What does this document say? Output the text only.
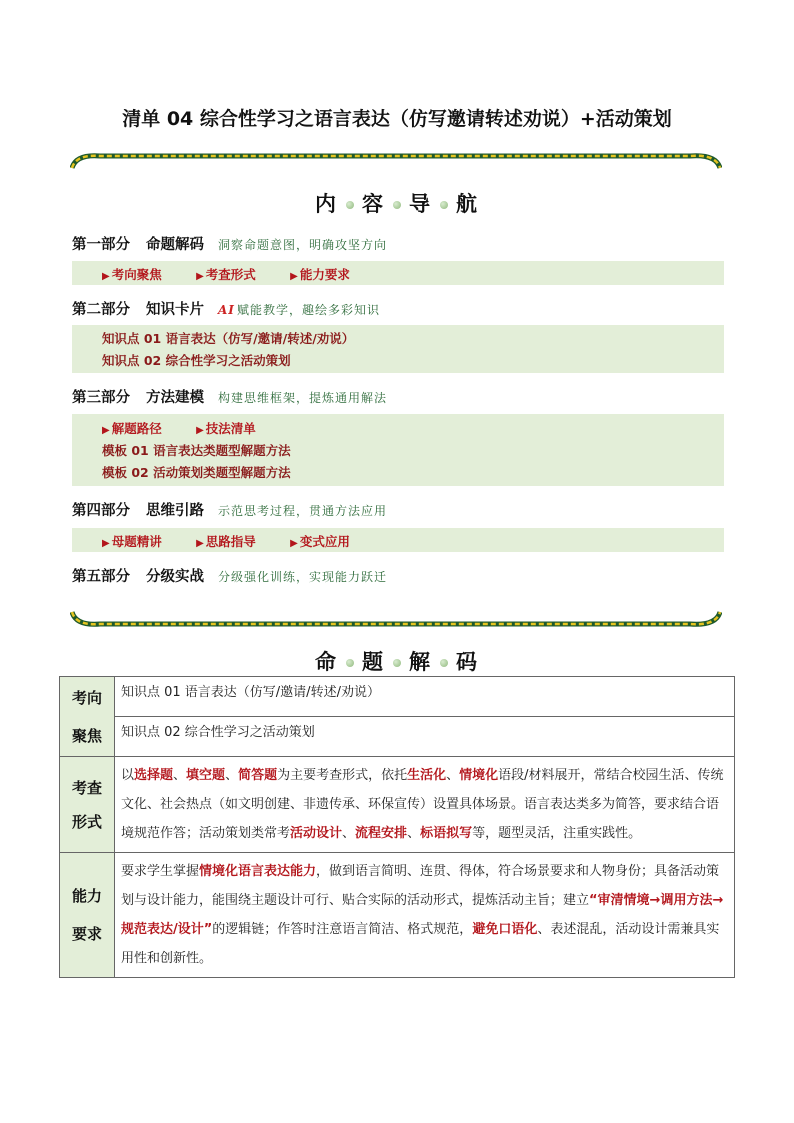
清单 04 综合性学习之语言表达（仿写邀请转述劝说）+活动策划
内 容 导 航
第一部分 命题解码 洞察命题意图，明确攻坚方向
▶ 考向聚焦	▶ 考查形式	▶ 能力要求
第二部分 知识卡片 AI 赋能教学，趣绘多彩知识
知识点 01 语言表达（仿写/邀请/转述/劝说）
知识点 02 综合性学习之活动策划
第三部分 方法建模 构建思维框架，提炼通用解法
▶ 解题路径	▶ 技法清单
模板 01 语言表达类题型解题方法
模板 02 活动策划类题型解题方法
第四部分 思维引路 示范思考过程，贯通方法应用
▶ 母题精讲	▶ 思路指导	▶ 变式应用
第五部分 分级实战 分级强化训练，实现能力跃迁
命 题 解 码
考向
聚焦	知识点 01 语言表达（仿写/邀请/转述/劝说）
	知识点 02 综合性学习之活动策划
考查
形式	以选择题、填空题、简答题为主要考查形式，依托生活化、情境化语段/材料展开，常结合校园生活、传统文化、社会热点（如文明创建、非遗传承、环保宣传）设置具体场景。语言表达类多为简答，要求结合语境规范作答；活动策划类常考活动设计、流程安排、标语拟写等，题型灵活，注重实践性。
能力
要求	要求学生掌握情境化语言表达能力，做到语言简明、连贯、得体，符合场景要求和人物身份；具备活动策划与设计能力，能围绕主题设计可行、贴合实际的活动形式，提炼活动主旨；建立“审清情境→调用方法→规范表达/设计”的逻辑链；作答时注意语言简洁、格式规范，避免口语化、表述混乱，活动设计需兼具实用性和创新性。
